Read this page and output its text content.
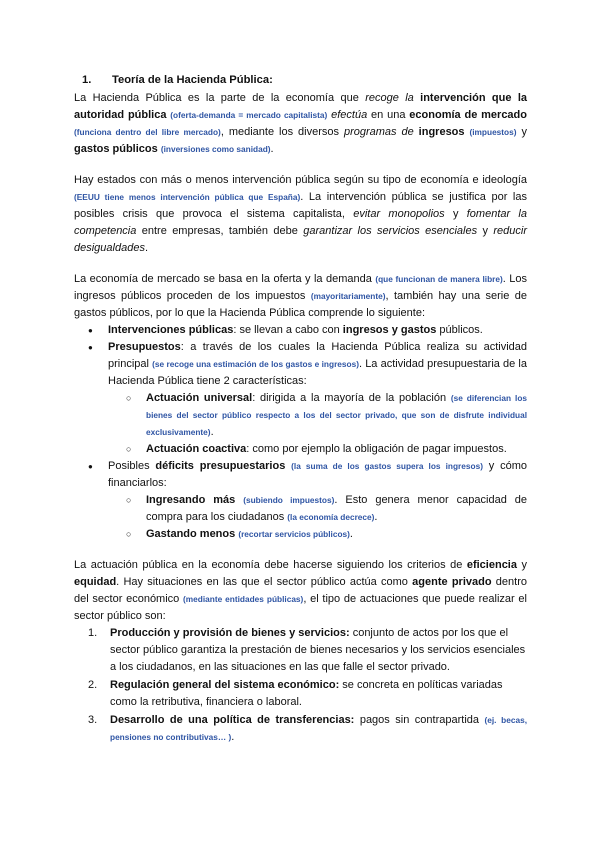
1. Teoría de la Hacienda Pública:

La Hacienda Pública es la parte de la economía que recoge la intervención que la autoridad pública (oferta-demanda = mercado capitalista) efectúa en una economía de mercado (funciona dentro del libre mercado), mediante los diversos programas de ingresos (impuestos) y gastos públicos (inversiones como sanidad).

Hay estados con más o menos intervención pública según su tipo de economía e ideología (EEUU tiene menos intervención pública que España). La intervención pública se justifica por las posibles crisis que provoca el sistema capitalista, evitar monopolios y fomentar la competencia entre empresas, también debe garantizar los servicios esenciales y reducir desigualdades.

La economía de mercado se basa en la oferta y la demanda (que funcionan de manera libre). Los ingresos públicos proceden de los impuestos (mayoritariamente), también hay una serie de gastos públicos, por lo que la Hacienda Pública comprende lo siguiente:

● Intervenciones públicas: se llevan a cabo con ingresos y gastos públicos.
● Presupuestos: a través de los cuales la Hacienda Pública realiza su actividad principal (se recoge una estimación de los gastos e ingresos). La actividad presupuestaria de la Hacienda Pública tiene 2 características:
○ Actuación universal: dirigida a la mayoría de la población (se diferencian los bienes del sector público respecto a los del sector privado, que son de disfrute individual exclusivamente).
○ Actuación coactiva: como por ejemplo la obligación de pagar impuestos.
● Posibles déficits presupuestarios (la suma de los gastos supera los ingresos) y cómo financiarlos:
○ Ingresando más (subiendo impuestos). Esto genera menor capacidad de compra para los ciudadanos (la economía decrece).
○ Gastando menos (recortar servicios públicos).

La actuación pública en la economía debe hacerse siguiendo los criterios de eficiencia y equidad. Hay situaciones en las que el sector público actúa como agente privado dentro del sector económico (mediante entidades públicas), el tipo de actuaciones que puede realizar el sector público son:

1. Producción y provisión de bienes y servicios: conjunto de actos por los que el sector público garantiza la prestación de bienes necesarios y los servicios esenciales a los ciudadanos, en las situaciones en las que falle el sector privado.
2. Regulación general del sistema económico: se concreta en políticas variadas como la retributiva, financiera o laboral.
3. Desarrollo de una política de transferencias: pagos sin contrapartida (ej. becas, pensiones no contributivas… ).
